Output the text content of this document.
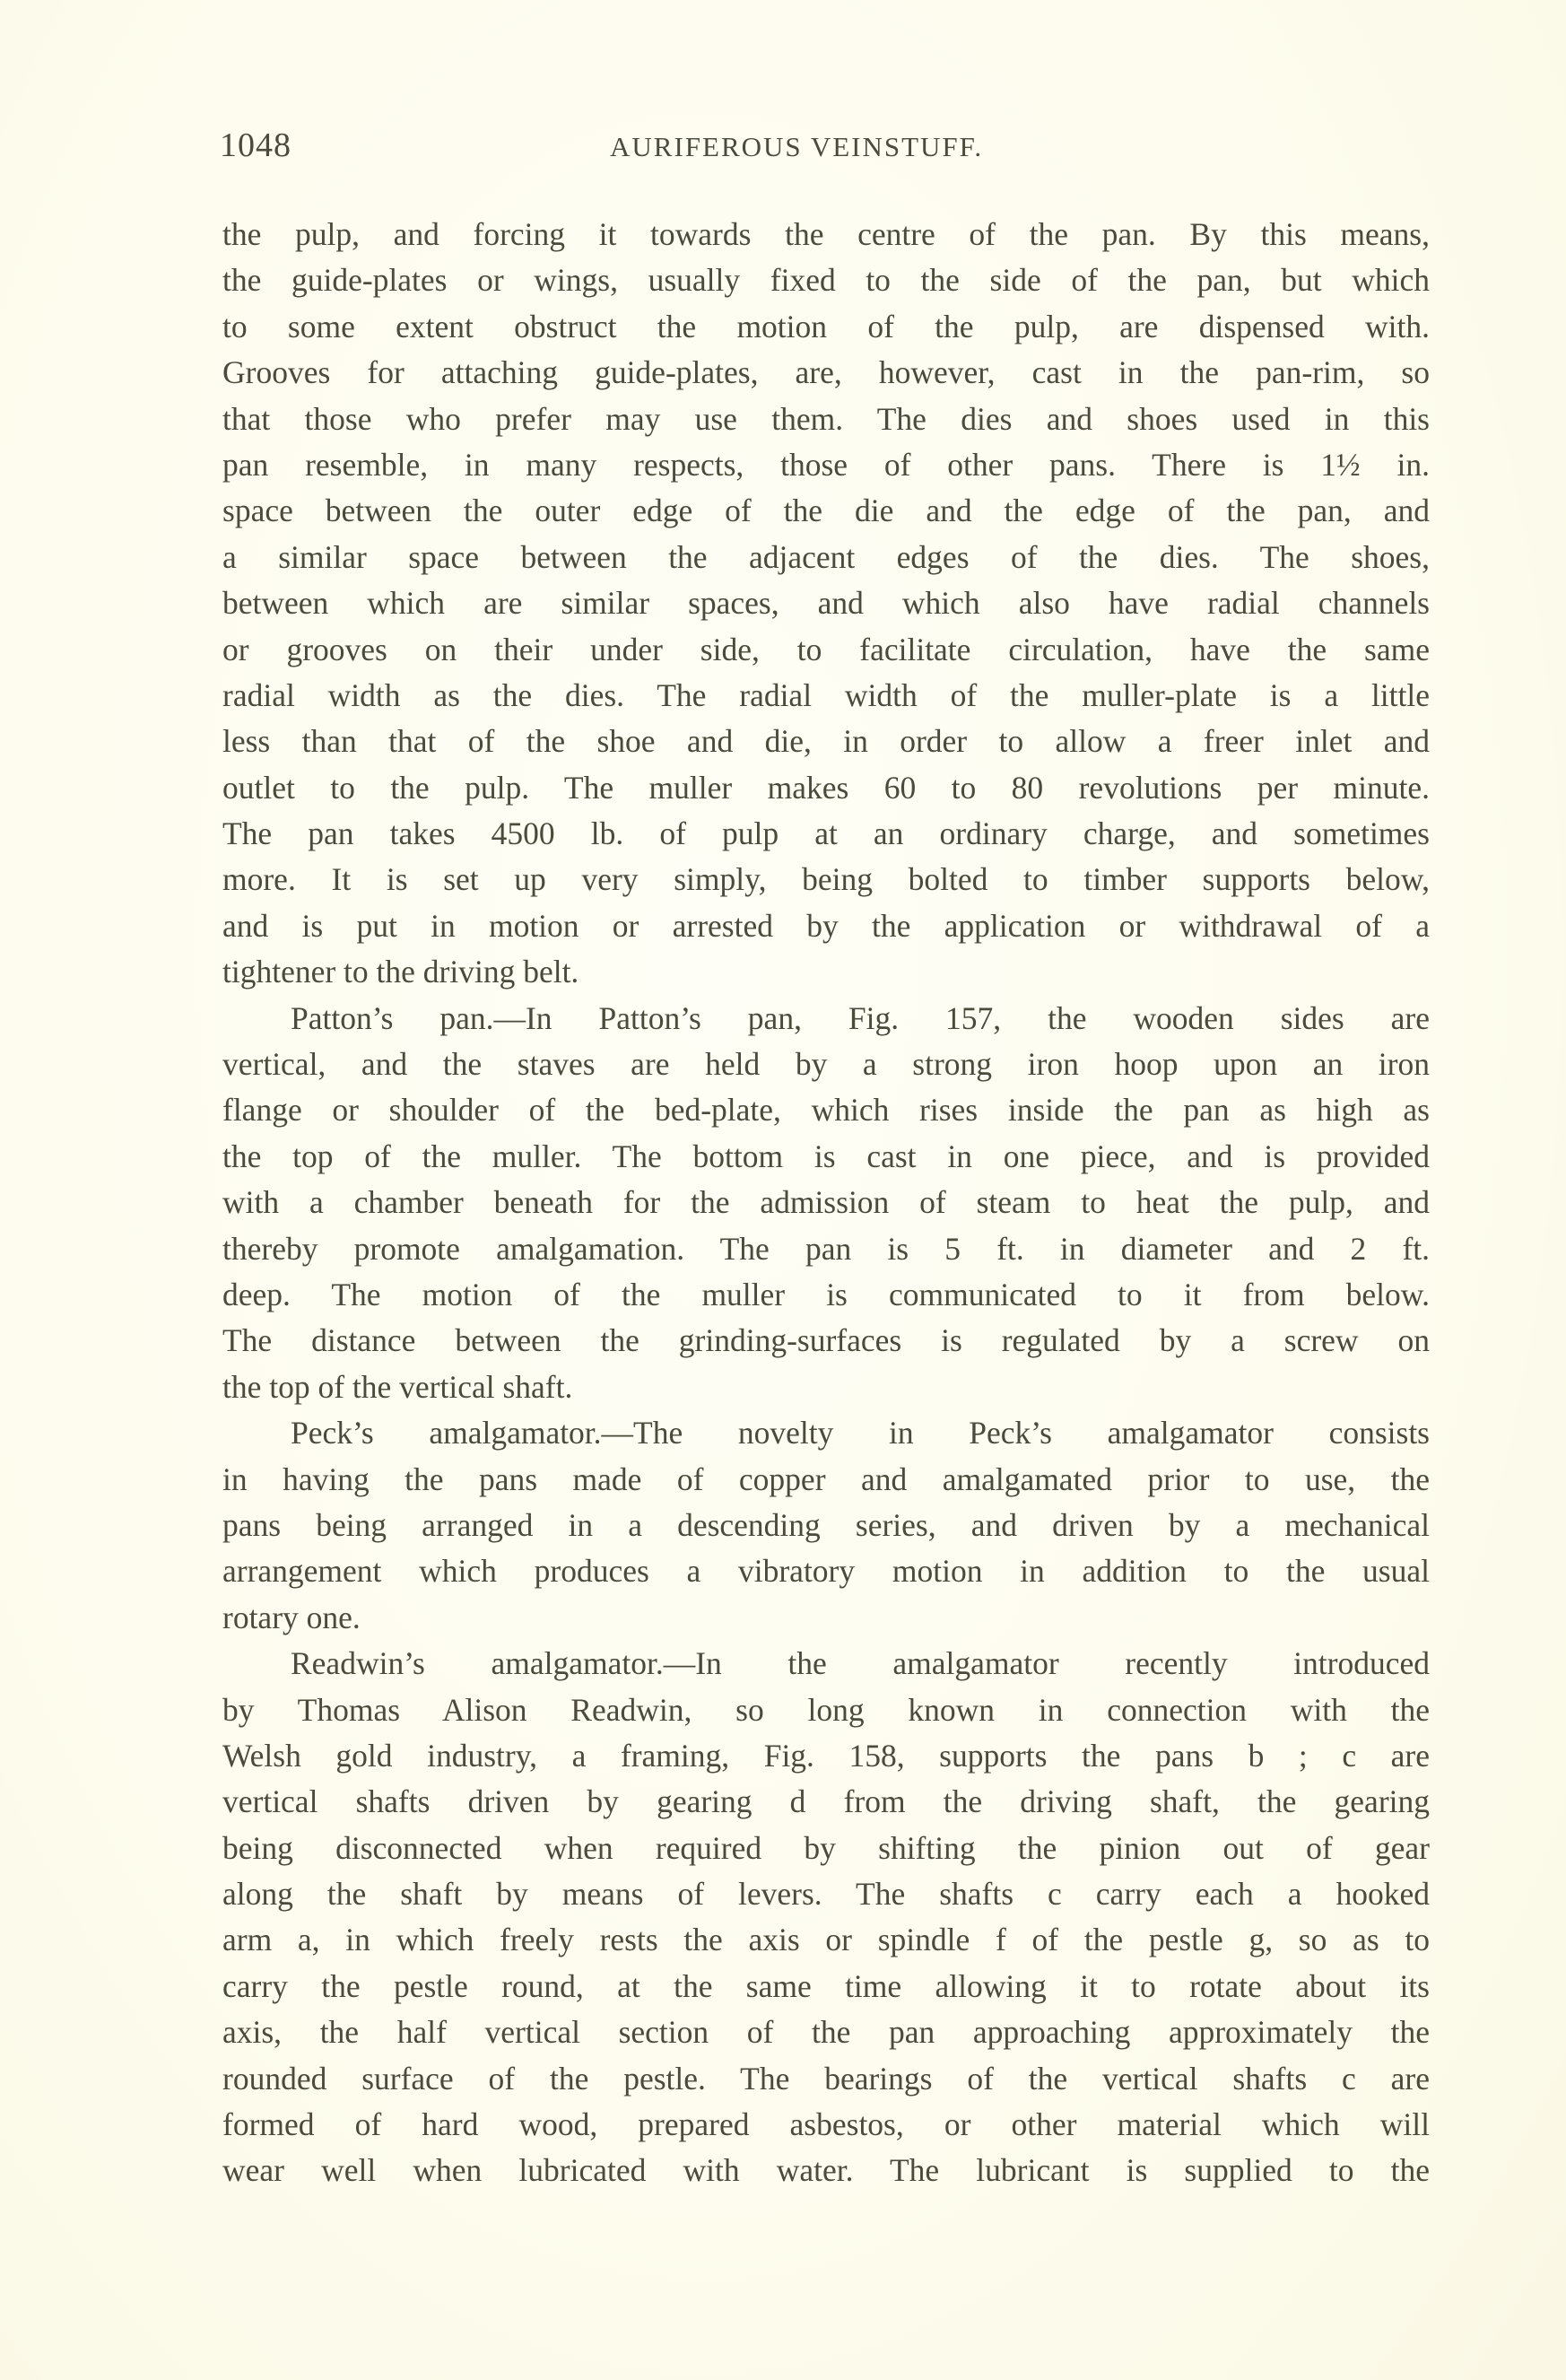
1048	AURIFEROUS VEINSTUFF.
the pulp, and forcing it towards the centre of the pan. By this means,
the guide-plates or wings, usually fixed to the side of the pan, but which
to some extent obstruct the motion of the pulp, are dispensed with.
Grooves for attaching guide-plates, are, however, cast in the pan-rim, so
that those who prefer may use them. The dies and shoes used in this
pan resemble, in many respects, those of other pans. There is 1½ in.
space between the outer edge of the die and the edge of the pan, and
a similar space between the adjacent edges of the dies. The shoes,
between which are similar spaces, and which also have radial channels
or grooves on their under side, to facilitate circulation, have the same
radial width as the dies. The radial width of the muller-plate is a little
less than that of the shoe and die, in order to allow a freer inlet and
outlet to the pulp. The muller makes 60 to 80 revolutions per minute.
The pan takes 4500 lb. of pulp at an ordinary charge, and sometimes
more. It is set up very simply, being bolted to timber supports below,
and is put in motion or arrested by the application or withdrawal of a
tightener to the driving belt.
Patton’s pan.—In Patton’s pan, Fig. 157, the wooden sides are
vertical, and the staves are held by a strong iron hoop upon an iron
flange or shoulder of the bed-plate, which rises inside the pan as high as
the top of the muller. The bottom is cast in one piece, and is provided
with a chamber beneath for the admission of steam to heat the pulp, and
thereby promote amalgamation. The pan is 5 ft. in diameter and 2 ft.
deep. The motion of the muller is communicated to it from below.
The distance between the grinding-surfaces is regulated by a screw on
the top of the vertical shaft.
Peck’s amalgamator.—The novelty in Peck’s amalgamator consists
in having the pans made of copper and amalgamated prior to use, the
pans being arranged in a descending series, and driven by a mechanical
arrangement which produces a vibratory motion in addition to the usual
rotary one.
Readwin’s amalgamator.—In the amalgamator recently introduced
by Thomas Alison Readwin, so long known in connection with the
Welsh gold industry, a framing, Fig. 158, supports the pans b ; c are
vertical shafts driven by gearing d from the driving shaft, the gearing
being disconnected when required by shifting the pinion out of gear
along the shaft by means of levers. The shafts c carry each a hooked
arm a, in which freely rests the axis or spindle f of the pestle g, so as to
carry the pestle round, at the same time allowing it to rotate about its
axis, the half vertical section of the pan approaching approximately the
rounded surface of the pestle. The bearings of the vertical shafts c are
formed of hard wood, prepared asbestos, or other material which will
wear well when lubricated with water. The lubricant is supplied to the
